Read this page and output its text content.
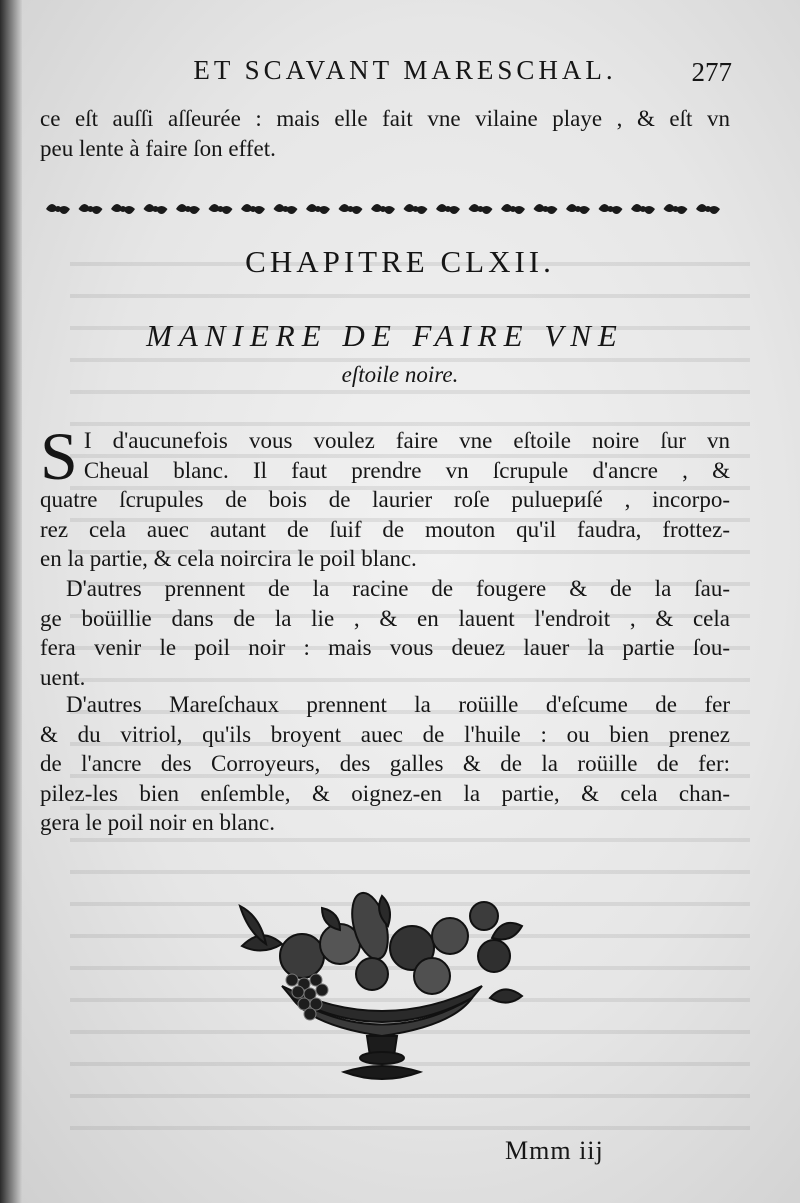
ET SCAVANT MARESCHAL.	277
ce eſt auſſi aſſeurée : mais elle fait vne vilaine playe , & eſt vn
peu lente à faire ſon effet.
CHAPITRE CLXII.
MANIERE DE FAIRE VNE
eſtoile noire.
S I d'aucunefois vous voulez faire vne eſtoile noire ſur vn
Cheual blanc. Il faut prendre vn ſcrupule d'ancre , &
quatre ſcrupules de bois de laurier roſe puluериſé , incorpo-
rez cela auec autant de ſuif de mouton qu'il faudra, frottez-
en la partie, & cela noircira le poil blanc.
D'autres prennent de la racine de fougere & de la ſau-
ge boüillie dans de la lie , & en lauent l'endroit , & cela
fera venir le poil noir : mais vous deuez lauer la partie ſou-
uent.
D'autres Mareſchaux prennent la roüille d'eſcume de fer
& du vitriol, qu'ils broyent auec de l'huile : ou bien prenez
de l'ancre des Corroyeurs, des galles & de la roüille de fer:
pilez-les bien enſemble, & oignez-en la partie, & cela chan-
gera le poil noir en blanc.
Mmm iij
